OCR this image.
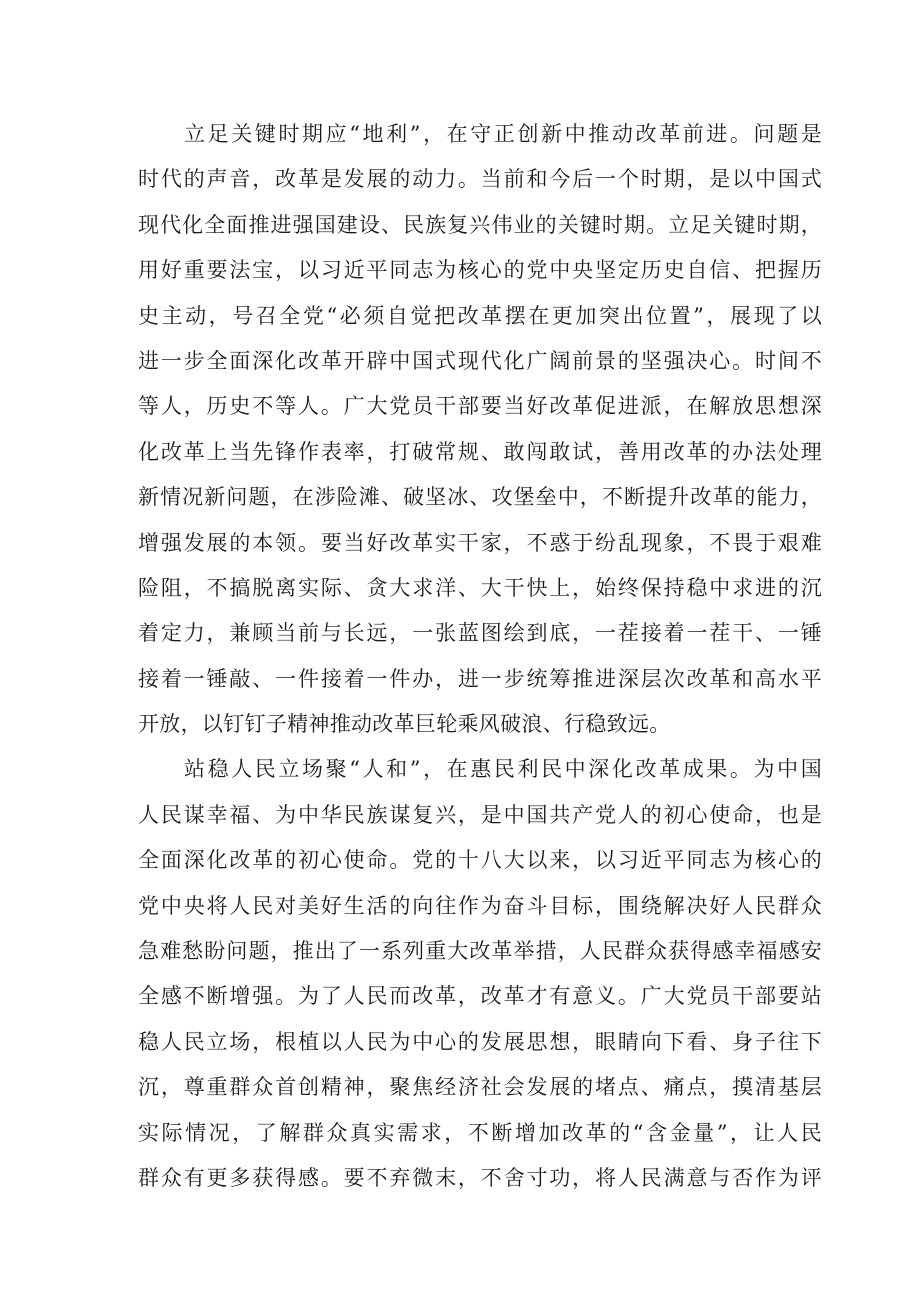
立足关键时期应“地利”，在守正创新中推动改革前进。问题是
时代的声音，改革是发展的动力。当前和今后一个时期，是以中国式
现代化全面推进强国建设、民族复兴伟业的关键时期。立足关键时期，
用好重要法宝，以习近平同志为核心的党中央坚定历史自信、把握历
史主动，号召全党“必须自觉把改革摆在更加突出位置”，展现了以
进一步全面深化改革开辟中国式现代化广阔前景的坚强决心。时间不
等人，历史不等人。广大党员干部要当好改革促进派，在解放思想深
化改革上当先锋作表率，打破常规、敢闯敢试，善用改革的办法处理
新情况新问题，在涉险滩、破坚冰、攻堡垒中，不断提升改革的能力，
增强发展的本领。要当好改革实干家，不惑于纷乱现象，不畏于艰难
险阻，不搞脱离实际、贪大求洋、大干快上，始终保持稳中求进的沉
着定力，兼顾当前与长远，一张蓝图绘到底，一茬接着一茬干、一锤
接着一锤敲、一件接着一件办，进一步统筹推进深层次改革和高水平
开放，以钉钉子精神推动改革巨轮乘风破浪、行稳致远。
站稳人民立场聚“人和”，在惠民利民中深化改革成果。为中国
人民谋幸福、为中华民族谋复兴，是中国共产党人的初心使命，也是
全面深化改革的初心使命。党的十八大以来，以习近平同志为核心的
党中央将人民对美好生活的向往作为奋斗目标，围绕解决好人民群众
急难愁盼问题，推出了一系列重大改革举措，人民群众获得感幸福感安
全感不断增强。为了人民而改革，改革才有意义。广大党员干部要站
稳人民立场，根植以人民为中心的发展思想，眼睛向下看、身子往下
沉，尊重群众首创精神，聚焦经济社会发展的堵点、痛点，摸清基层
实际情况，了解群众真实需求，不断增加改革的“含金量”，让人民
群众有更多获得感。要不弃微末，不舍寸功，将人民满意与否作为评
